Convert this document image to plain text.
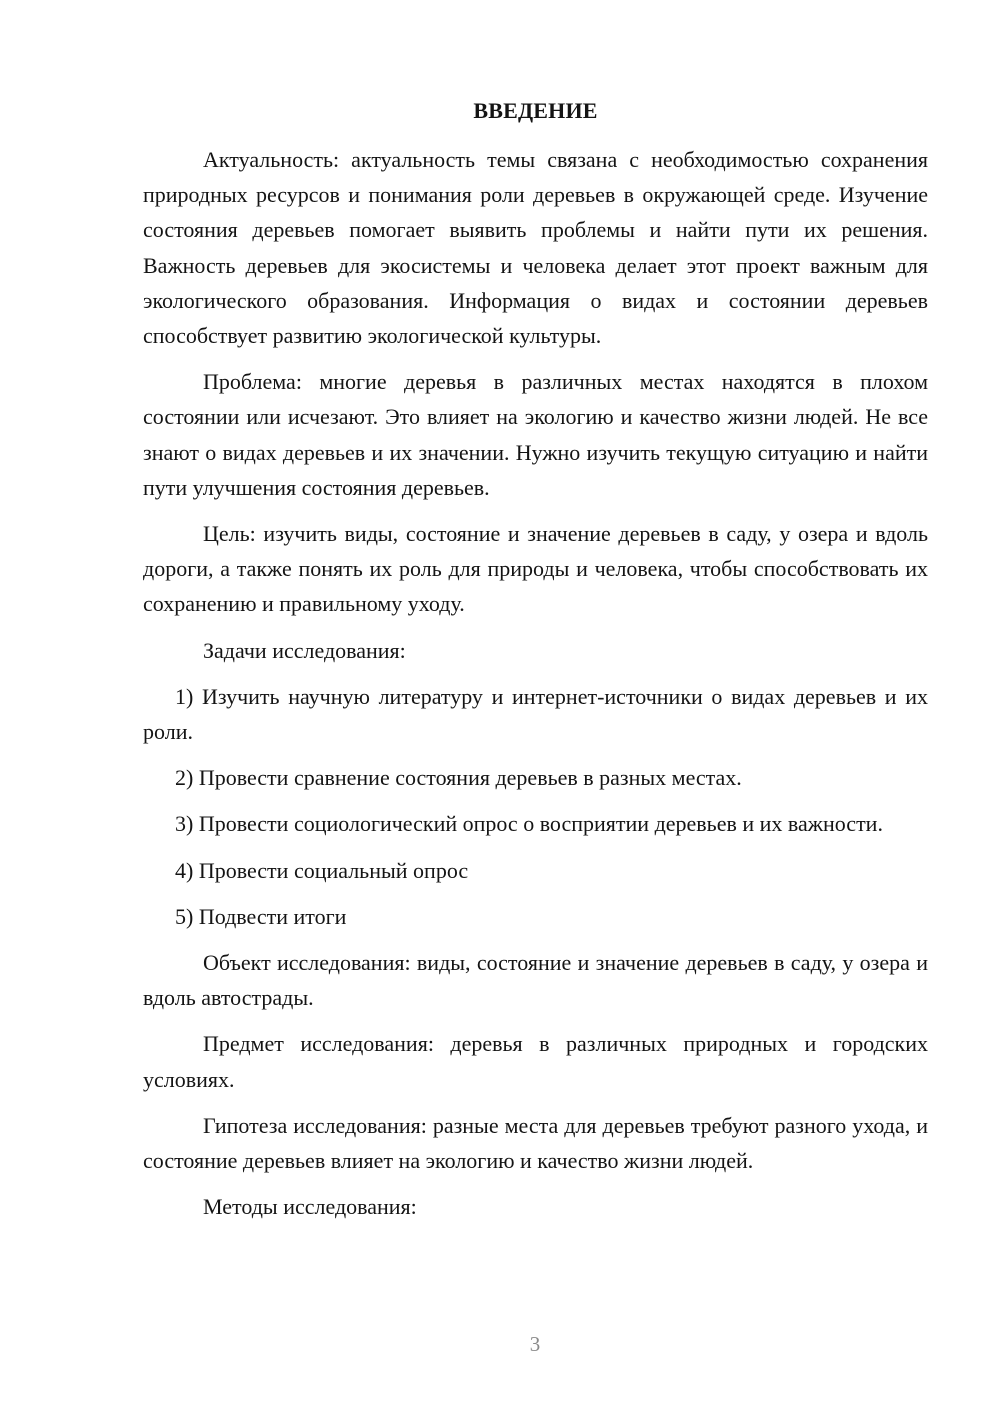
ВВЕДЕНИЕ

Актуальность: актуальность темы связана с необходимостью сохранения природных ресурсов и понимания роли деревьев в окружающей среде. Изучение состояния деревьев помогает выявить проблемы и найти пути их решения. Важность деревьев для экосистемы и человека делает этот проект важным для экологического образования. Информация о видах и состоянии деревьев способствует развитию экологической культуры.

Проблема: многие деревья в различных местах находятся в плохом состоянии или исчезают. Это влияет на экологию и качество жизни людей. Не все знают о видах деревьев и их значении. Нужно изучить текущую ситуацию и найти пути улучшения состояния деревьев.

Цель: изучить виды, состояние и значение деревьев в саду, у озера и вдоль дороги, а также понять их роль для природы и человека, чтобы способствовать их сохранению и правильному уходу.

Задачи исследования:

1) Изучить научную литературу и интернет-источники о видах деревьев и их роли.

2) Провести сравнение состояния деревьев в разных местах.

3) Провести социологический опрос о восприятии деревьев и их важности.

4) Провести социальный опрос

5) Подвести итоги

Объект исследования: виды, состояние и значение деревьев в саду, у озера и вдоль автострады.

Предмет исследования: деревья в различных природных и городских условиях.

Гипотеза исследования: разные места для деревьев требуют разного ухода, и состояние деревьев влияет на экологию и качество жизни людей.

Методы исследования:

3
